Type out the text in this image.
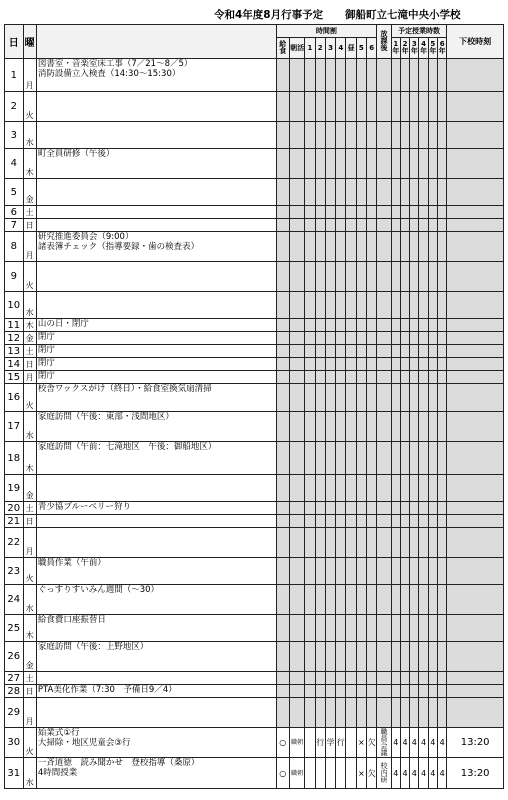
令和4年度8月行事予定 御船町立七滝中央小学校
日	曜		時間割									放課後	予定授業時数						下校時刻
			給食	朝活	1	2	3	4	昼	5	6		1年	2年	3年	4年	5年	6年	
1	月	図書室・音楽室床工事（7／21～8／5）
消防設備立入検査（14:30～15:30）																	

2	火																		
3	水																		
4	木	町全員研修（午後）																	

5	金																		
6	土																		
7	日																		
8	月	研究推進委員会（9:00）
諸表簿チェック（指導要録・歯の検査表）																	

9	火																		
10	水																		
11	木	山の日・閉庁																	

12	金	閉庁																	

13	土	閉庁																	

14	日	閉庁																	

15	月	閉庁																	

16	火	校舎ワックスがけ（終日）・給食室換気扇清掃																	

17	水	家庭訪問（午後：東部・浅間地区）																	

18	木	家庭訪問（午前：七滝地区　午後：御船地区）																	

19	金																		
20	土	青少協ブルーベリー狩り																	

21	日																		
22	月																		
23	火	職員作業（午前）																	

24	水	ぐっすりすいみん週間（～30）																	

25	木	給食費口座振替日																	

26	金	家庭訪問（午後：上野地区）																	

27	土																		
28	日	PTA美化作業（7:30　予備日9／4）																	

29	月																		
30	火	始業式①行
大掃除・地区児童会③行	○	職朝		行	学	行		×	欠	職員会議	4	4	4	4	4	4	13:20
31	水	一斉道徳　読み聞かせ　登校指導（桑原）
4時間授業	○	職朝						×	欠	校内研	4	4	4	4	4	4	13:20
